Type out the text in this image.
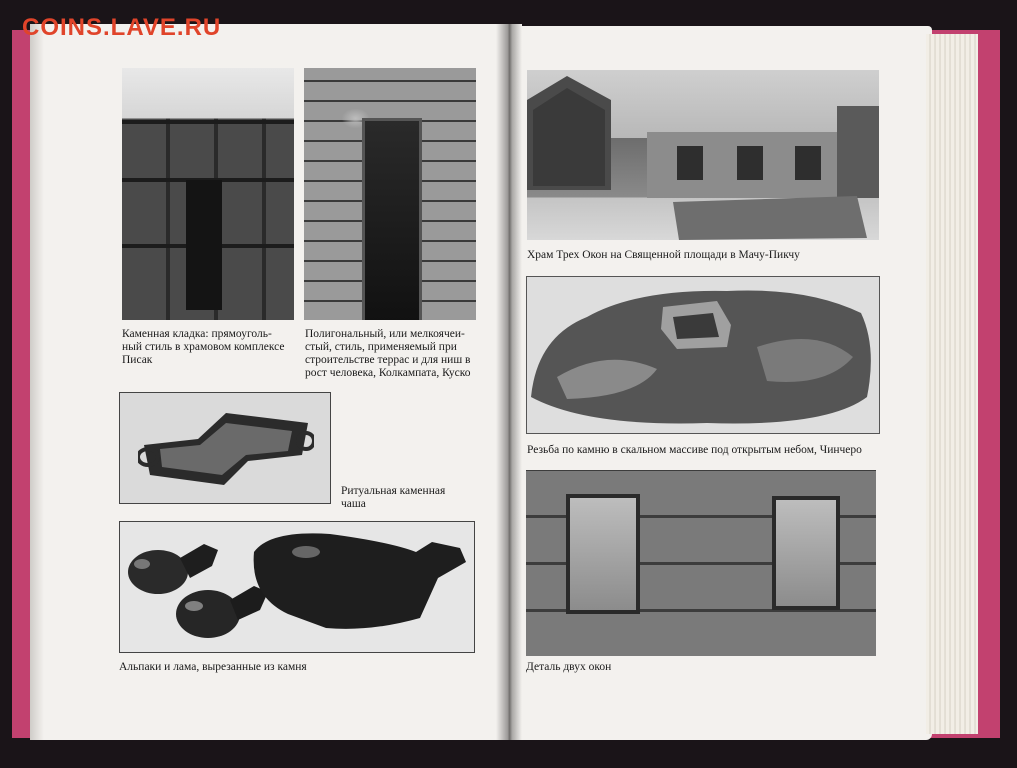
COINS.LAVE.RU
Каменная кладка: прямоуголь-
ный стиль в храмовом комплексе
Писак
Полигональный, или мелкоячеи-
стый, стиль, применяемый при
строительстве террас и для ниш в
рост человека, Колкампата, Куско
Ритуальная каменная
чаша
Альпаки и лама, вырезанные из камня
Храм Трех Окон на Священной площади в Мачу-Пикчу
Резьба по камню в скальном массиве под открытым небом, Чинчеро
Деталь двух окон
